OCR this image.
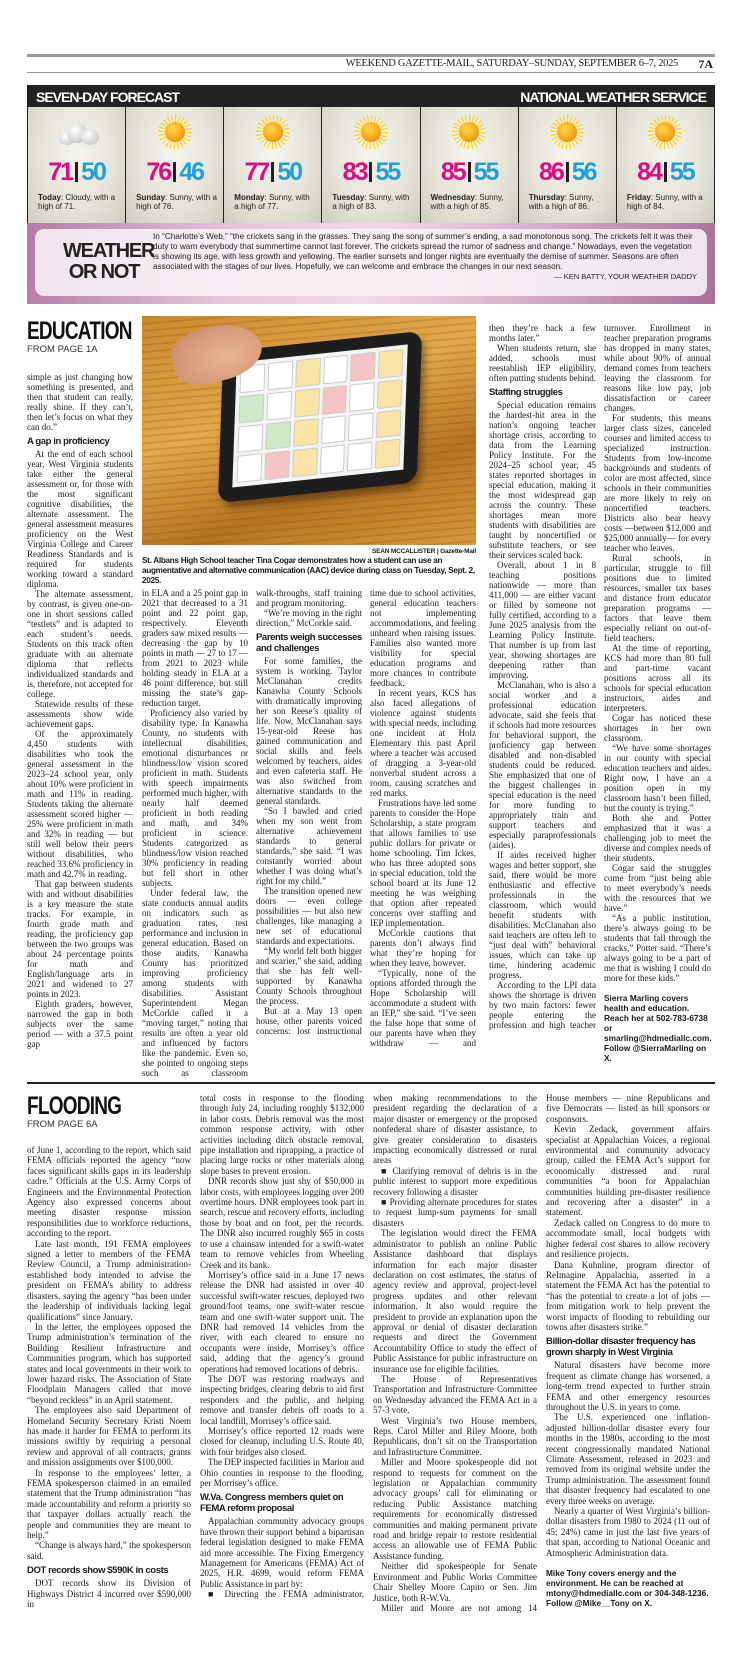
WEEKEND GAZETTE-MAIL, SATURDAY–SUNDAY, SEPTEMBER 6–7, 2025 7A
SEVEN-DAY FORECAST	NATIONAL WEATHER SERVICE
71 50
Today: Cloudy, with a high of 71.
76 46
Sunday: Sunny, with a high of 76.
77 50
Monday: Sunny, with a high of 77.
83 55
Tuesday: Sunny, with a high of 83.
85 55
Wednesday: Sunny, with a high of 85.
86 56
Thursday: Sunny, with a high of 86.
84 55
Friday: Sunny, with a high of 84.
WEATHER
OR NOT
In “Charlotte’s Web,” “the crickets sang in the grasses. They sang the song of summer’s ending, a sad monotonous song. The crickets felt it was their duty to warn everybody that summertime cannot last forever. The crickets spread the rumor of sadness and change.” Nowadays, even the vegetation is showing its age, with less growth and yellowing. The earlier sunsets and longer nights are eventually the demise of summer. Seasons are often associated with the stages of our lives. Hopefully, we can welcome and embrace the changes in our next season.
— KEN BATTY, YOUR WEATHER DADDY
EDUCATION
FROM PAGE 1A
SEAN MCCALLISTER | Gazette-Mail
St. Albans High School teacher Tina Cogar demonstrates how a student can use an augmentative and alternative communication (AAC) device during class on Tuesday, Sept. 2, 2025.

simple as just changing how something is presented, and then that student can really, really shine. If they can’t, then let’s focus on what they can do.”

A gap in proficiency

At the end of each school year, West Virginia students take either the general assessment or, for those with the most significant cognitive disabilities, the alternate assessment. The general assessment measures proficiency on the West Virginia College and Career Readiness Standards and is required for students working toward a standard diploma.

The alternate assessment, by contrast, is given one-on-one in short sessions called “testlets” and is adapted to each student’s needs. Students on this track often graduate with an alternate diploma that reflects individualized standards and is, therefore, not accepted for college.

Statewide results of these assessments show wide achievement gaps.

Of the approximately 4,450 students with disabilities who took the general assessment in the 2023–24 school year, only about 10% were proficient in math and 11% in reading. Students taking the alternate assessment scored higher — 25% were proficient in math and 32% in reading — but still well below their peers without disabilities, who reached 33.6% proficiency in math and 42.7% in reading.

That gap between students with and without disabilities is a key measure the state tracks. For example, in fourth grade math and reading, the proficiency gap between the two groups was about 24 percentage points for math and English/language arts in 2021 and widened to 27 points in 2023.

Eighth graders, however, narrowed the gap in both subjects over the same period — with a 37.5 point gap

in ELA and a 25 point gap in 2021 that decreased to a 31 point and 22 point gap, respectively. Eleventh graders saw mixed results — decreasing the gap by 10 points in math — 27 to 17 — from 2021 to 2023 while holding steady in ELA at a 46 point difference, but still missing the state’s gap-reduction target.

Proficiency also varied by disability type. In Kanawha County, no students with intellectual disabilities, emotional disturbances or blindness/low vision scored proficient in math. Students with speech impairments performed much higher, with nearly half deemed proficient in both reading and math, and 34% proficient in science. Students categorized as blindness/low vision reached 30% proficiency in reading but fell short in other subjects.

Under federal law, the state conducts annual audits on indicators such as graduation rates, test performance and inclusion in general education. Based on those audits, Kanawha County has prioritized improving proficiency among students with disabilities. Assistant Superintendent Megan McCorkle called it a “moving target,” noting that results are often a year old and influenced by factors like the pandemic. Even so, she pointed to ongoing steps such as classroom

walk-throughs, staff training and program monitoring.

“We’re moving in the right direction,” McCorkle said.

Parents weigh successes and challenges

For some families, the system is working. Taylor McClanahan credits Kanawha County Schools with dramatically improving her son Reese’s quality of life. Now, McClanahan says 15-year-old Reese has gained communication and social skills and feels welcomed by teachers, aides and even cafeteria staff. He was also switched from alternative standards to the general standards.

“So I bawled and cried when my son went from alternative achievement standards to general standards,” she said. “I was constantly worried about whether I was doing what’s right for my child.”

The transition opened new doors — even college possibilities — but also new challenges, like managing a new set of educational standards and expectations.

“My world felt both bigger and scarier,” she said, adding that she has felt well-supported by Kanawha County Schools throughout the process.

But at a May 13 open house, other parents voiced concerns: lost instructional

time due to school activities, general education teachers not implementing accommodations, and feeling unheard when raising issues. Families also wanted more visibility for special education programs and more chances to contribute feedback.

In recent years, KCS has also faced allegations of violence against students with special needs, including one incident at Holz Elementary this past April where a teacher was accused of dragging a 3-year-old nonverbal student across a room, causing scratches and red marks.

Frustrations have led some parents to consider the Hope Scholarship, a state program that allows families to use public dollars for private or home schooling. Tim Ickes, who has three adopted sons in special education, told the school board at its June 12 meeting he was weighing that option after repeated concerns over staffing and IEP implementation.

McCorkle cautions that parents don’t always find what they’re hoping for when they leave, however.

“Typically, none of the options afforded through the Hope Scholarship will accommodate a student with an IEP,” she said. “I’ve seen the false hope that some of our parents have when they withdraw — and

then they’re back a few months later.”

When students return, she added, schools must reestablish IEP eligibility, often putting students behind.

Staffing struggles

Special education remains the hardest-hit area in the nation’s ongoing teacher shortage crisis, according to data from the Learning Policy Institute. For the 2024–25 school year, 45 states reported shortages in special education, making it the most widespread gap across the country. These shortages mean more students with disabilities are taught by noncertified or substitute teachers, or see their services scaled back.

Overall, about 1 in 8 teaching positions nationwide — more than 411,000 — are either vacant or filled by someone not fully certified, according to a June 2025 analysis from the Learning Policy Institute. That number is up from last year, showing shortages are deepening rather than improving.

McClanahan, who is also a social worker and a professional education advocate, said she feels that if schools had more resources for behavioral support, the proficiency gap between disabled and non-disabled students could be reduced. She emphasized that one of the biggest challenges in special education is the need for more funding to appropriately train and support teachers and especially paraprofessionals (aides).

If aides received higher wages and better support, she said, there would be more enthusiastic and effective professionals in the classroom, which would benefit students with disabilities. McClanahan also said teachers are often left to “just deal with” behavioral issues, which can take up time, hindering academic progress.

According to the LPI data shows the shortage is driven by two main factors: fewer people entering the profession and high teacher

turnover. Enrollment in teacher preparation programs has dropped in many states, while about 90% of annual demand comes from teachers leaving the classroom for reasons like low pay, job dissatisfaction or career changes.

For students, this means larger class sizes, canceled courses and limited access to specialized instruction. Students from low-income backgrounds and students of color are most affected, since schools in their communities are more likely to rely on noncertified teachers. Districts also bear heavy costs —between $12,000 and $25,000 annually— for every teacher who leaves.

Rural schools, in particular, struggle to fill positions due to limited resources, smaller tax bases and distance from educator preparation programs — factors that leave them especially reliant on out-of-field teachers.

At the time of reporting, KCS had more than 80 full and part-time vacant positions across all its schools for special education instructors, aides and interpreters.

Cogar has noticed these shortages in her own classroom.

“We have some shortages in our county with special education teachers and aides. Right now, I have an a position open in my classroom hasn’t been filled, but the county is trying.”

Both she and Potter emphasized that it was a challenging job to meet the diverse and complex needs of their students.

Cogar said the struggles come from “just being able to meet everybody’s needs with the resources that we have.”

“As a public institution, there’s always going to be students that fall through the cracks,” Potter said. “There’s always going to be a part of me that is wishing I could do more for these kids.”

Sierra Marling covers health and education. Reach her at 502-783-6738 or smarling@hdmediallc.com. Follow @SierraMarling on X.

FLOODING
FROM PAGE 6A

of June 1, according to the report, which said FEMA officials reported the agency “now faces significant skills gaps in its leadership cadre.” Officials at the U.S. Army Corps of Engineers and the Environmental Protection Agency also expressed concerns about meeting disaster response mission responsibilities due to workforce reductions, according to the report.

Late last month, 191 FEMA employees signed a letter to members of the FEMA Review Council, a Trump administration-established body intended to advise the president on FEMA’s ability to address disasters, saying the agency “has been under the leadership of individuals lacking legal qualifications” since January.

In the letter, the employees opposed the Trump administration’s termination of the Building Resilient Infrastructure and Communities program, which has supported states and local governments in their work to lower hazard risks. The Association of State Floodplain Managers called that move “beyond reckless” in an April statement.

The employees also said Department of Homeland Security Secretary Kristi Noem has made it harder for FEMA to perform its missions swiftly by requiring a personal review and approval of all contracts, grants and mission assignments over $100,000.

In response to the employees’ letter, a FEMA spokesperson claimed in an emailed statement that the Trump administration “has made accountability and reform a priority so that taxpayer dollars actually reach the people and communities they are meant to help.”

“Change is always hard,” the spokesperson said.

DOT records show $590K in costs

DOT records show its Division of Highways District 4 incurred over $590,000 in

total costs in response to the flooding through July 24, including roughly $132,000 in labor costs. Debris removal was the most common response activity, with other activities including ditch obstacle removal, pipe installation and riprapping, a practice of placing large rocks or other materials along slope bases to prevent erosion.

DNR records show just shy of $50,000 in labor costs, with employees logging over 200 overtime hours. DNR employees took part in search, rescue and recovery efforts, including those by boat and on foot, per the records. The DNR also incurred roughly $65 in costs to use a chainsaw intended for a swift-water team to remove vehicles from Wheeling Creek and its bank.

Morrisey’s office said in a June 17 news release the DNR had assisted in over 40 successful swift-water rescues, deployed two ground/foot teams, one swift-water rescue team and one swift-water support unit. The DNR had removed 14 vehicles from the river, with each cleared to ensure no occupants were inside, Morrisey’s office said, adding that the agency’s ground operations had removed locations of debris.

The DOT was restoring roadways and inspecting bridges, clearing debris to aid first responders and the public, and helping remove and transfer debris off roads to a local landfill, Morrisey’s office said.

Morrisey’s office reported 12 roads were closed for cleanup, including U.S. Route 40, with four bridges also closed.

The DEP inspected facilities in Marion and Ohio counties in response to the flooding, per Morrisey’s office.

W.Va. Congress members quiet on FEMA reform proposal

Appalachian community advocacy groups have thrown their support behind a bipartisan federal legislation designed to make FEMA aid more accessible. The Fixing Emergency Management for Americans (FEMA) Act of 2025, H.R. 4699, would reform FEMA Public Assistance in part by:

■ Directing the FEMA administrator,

when making recommendations to the president regarding the declaration of a major disaster or emergency or the proposed nonfederal share of disaster assistance, to give greater consideration to disasters impacting economically distressed or rural areas

■ Clarifying removal of debris is in the public interest to support more expeditious recovery following a disaster

■ Providing alternate procedures for states to request lump-sum payments for small disasters

The legislation would direct the FEMA administrator to publish an online Public Assistance dashboard that displays information for each major disaster declaration on cost estimates, the status of agency review and approval, project-level progress updates and other relevant information. It also would require the president to provide an explanation upon the approval or denial of disaster declaration requests and direct the Government Accountability Office to study the effect of Public Assistance for public infrastructure on insurance use for eligible facilities.

The House of Representatives Transportation and Infrastructure Committee on Wednesday advanced the FEMA Act in a 57-3 vote.

West Virginia’s two House members, Reps. Carol Miller and Riley Moore, both Republicans, don’t sit on the Transportation and Infrastructure Committee.

Miller and Moore spokespeople did not respond to requests for comment on the legislation or Appalachian community advocacy groups’ call for eliminating or reducing Public Assistance matching requirements for economically distressed communities and making permanent private road and bridge repair to restore residential access an allowable use of FEMA Public Assistance funding.

Neither did spokespeople for Senate Environment and Public Works Committee Chair Shelley Moore Capito or Sen. Jim Justice, both R-W.Va.

Miller and Moore are not among 14

House members — nine Republicans and five Democrats — listed as bill sponsors or cosponsors.

Kevin Zedack, government affairs specialist at Appalachian Voices, a regional environmental and community advocacy group, called the FEMA Act’s support for economically distressed and rural communities “a boon for Appalachian communities building pre-disaster resilience and recovering after a disaster” in a statement.

Zedack called on Congress to do more to accommodate small, local budgets with higher federal cost shares to allow recovery and resilience projects.

Dana Kuhnline, program director of ReImagine Appalachia, asserted in a statement the FEMA Act has the potential to “has the potential to create a lot of jobs — from mitigation work to help prevent the worst impacts of flooding to rebuilding our towns after disasters strike.”

Billion-dollar disaster frequency has grown sharply in West Virginia

Natural disasters have become more frequent as climate change has worsened, a long-term trend expected to further strain FEMA and other emergency resources throughout the U.S. in years to come.

The U.S. experienced one inflation-adjusted billion-dollar disaster every four months in the 1980s, according to the most recent congressionally mandated National Climate Assessment, released in 2023 and removed from its original website under the Trump administration. The assessment found that disaster frequency had escalated to one every three weeks on average.

Nearly a quarter of West Virginia’s billion-dollar disasters from 1980 to 2024 (11 out of 45; 24%) came in just the last five years of that span, according to National Oceanic and Atmospheric Administration data.

Mike Tony covers energy and the environment. He can be reached at mtony@hdmediallc.com or 304-348-1236. Follow @Mike__Tony on X.
